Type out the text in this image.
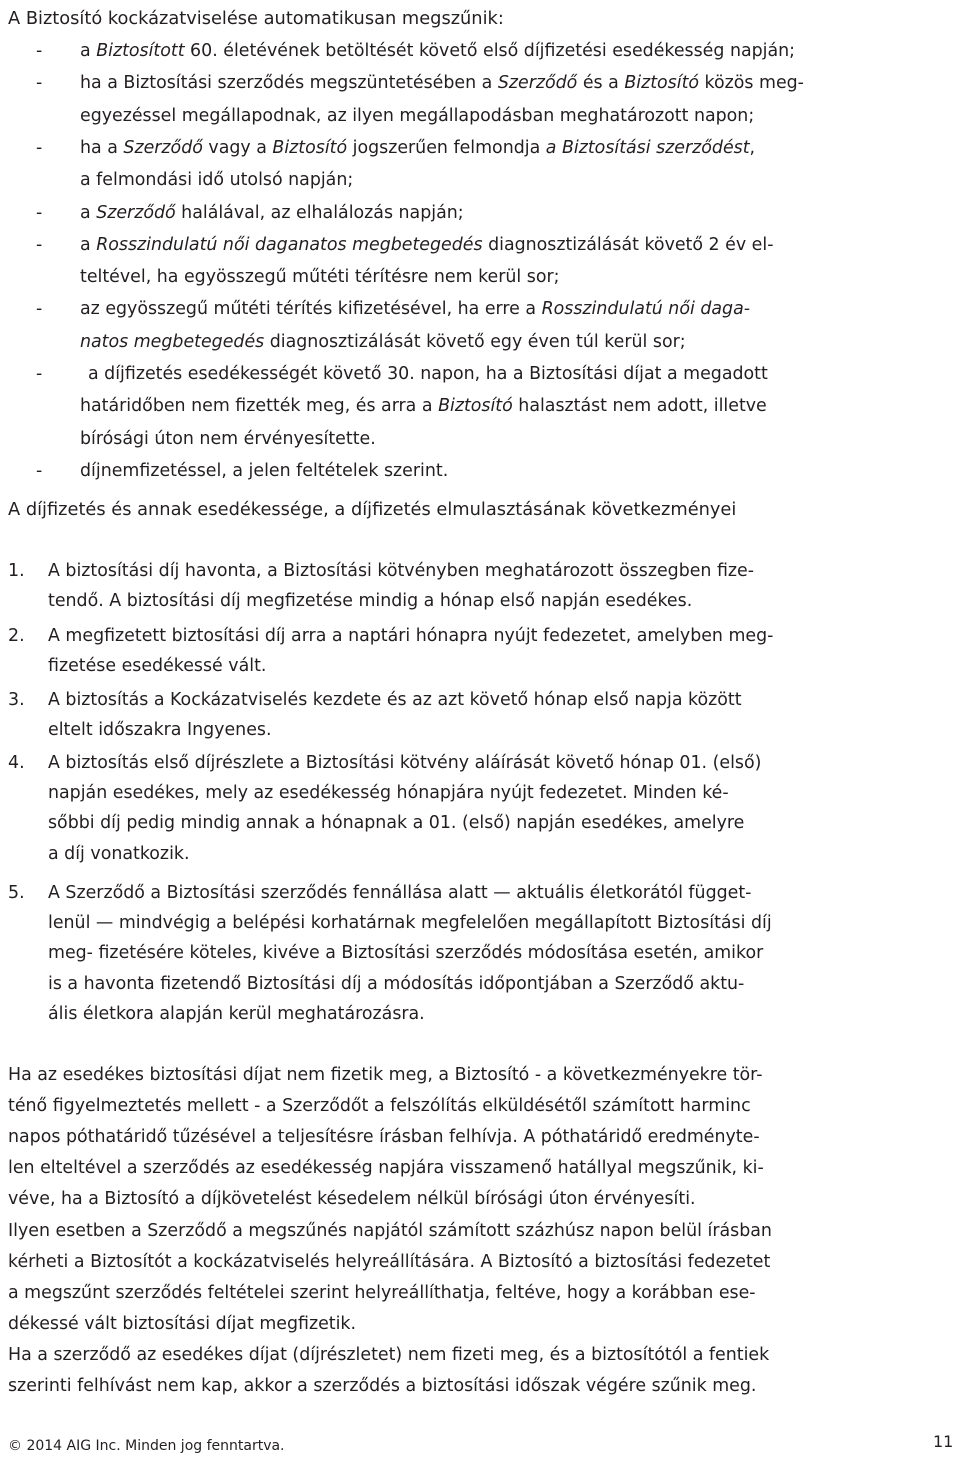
A Biztosító kockázatviselése automatikusan megszűnik:
- a Biztosított 60. életévének betöltését követő első díjfizetési esedékesség napján;
- ha a Biztosítási szerződés megszüntetésében a Szerződő és a Biztosító közös meg-
egyezéssel megállapodnak, az ilyen megállapodásban meghatározott napon;
- ha a Szerződő vagy a Biztosító jogszerűen felmondja a Biztosítási szerződést,
a felmondási idő utolsó napján;
- a Szerződő halálával, az elhalálozás napján;
- a Rosszindulatú női daganatos megbetegedés diagnosztizálását követő 2 év el-
teltével, ha egyösszegű műtéti térítésre nem kerül sor;
- az egyösszegű műtéti térítés kifizetésével, ha erre a Rosszindulatú női daga-
natos megbetegedés diagnosztizálását követő egy éven túl kerül sor;
-	a díjfizetés esedékességét követő 30. napon, ha a Biztosítási díjat a megadott
határidőben nem fizették meg, és arra a Biztosító halasztást nem adott, illetve
bírósági úton nem érvényesítette.
- díjnemfizetéssel, a jelen feltételek szerint.
A díjfizetés és annak esedékessége, a díjfizetés elmulasztásának következményei
1. A biztosítási díj havonta, a Biztosítási kötvényben meghatározott összegben fize-
tendő. A biztosítási díj megfizetése mindig a hónap első napján esedékes.
2. A megfizetett biztosítási díj arra a naptári hónapra nyújt fedezetet, amelyben meg-
fizetése esedékessé vált.
3. A biztosítás a Kockázatviselés kezdete és az azt követő hónap első napja között
eltelt időszakra Ingyenes.
4. A biztosítás első díjrészlete a Biztosítási kötvény aláírását követő hónap 01. (első)
napján esedékes, mely az esedékesség hónapjára nyújt fedezetet. Minden ké-
sőbbi díj pedig mindig annak a hónapnak a 01. (első) napján esedékes, amelyre
a díj vonatkozik.
5. A Szerződő a Biztosítási szerződés fennállása alatt — aktuális életkorától függet-
lenül — mindvégig a belépési korhatárnak megfelelően megállapított Biztosítási díj
meg- fizetésére köteles, kivéve a Biztosítási szerződés módosítása esetén, amikor
is a havonta fizetendő Biztosítási díj a módosítás időpontjában a Szerződő aktu-
ális életkora alapján kerül meghatározásra.
Ha az esedékes biztosítási díjat nem fizetik meg, a Biztosító - a következményekre tör-
ténő figyelmeztetés mellett - a Szerződőt a felszólítás elküldésétől számított harminc
napos póthatáridő tűzésével a teljesítésre írásban felhívja. A póthatáridő eredményte-
len elteltével a szerződés az esedékesség napjára visszamenő hatállyal megszűnik, ki-
véve, ha a Biztosító a díjkövetelést késedelem nélkül bírósági úton érvényesíti.
Ilyen esetben a Szerződő a megszűnés napjától számított százhúsz napon belül írásban
kérheti a Biztosítót a kockázatviselés helyreállítására. A Biztosító a biztosítási fedezetet
a megszűnt szerződés feltételei szerint helyreállíthatja, feltéve, hogy a korábban ese-
dékessé vált biztosítási díjat megfizetik.
Ha a szerződő az esedékes díjat (díjrészletet) nem fizeti meg, és a biztosítótól a fentiek
szerinti felhívást nem kap, akkor a szerződés a biztosítási időszak végére szűnik meg.
© 2014 AIG Inc. Minden jog fenntartva.	11
